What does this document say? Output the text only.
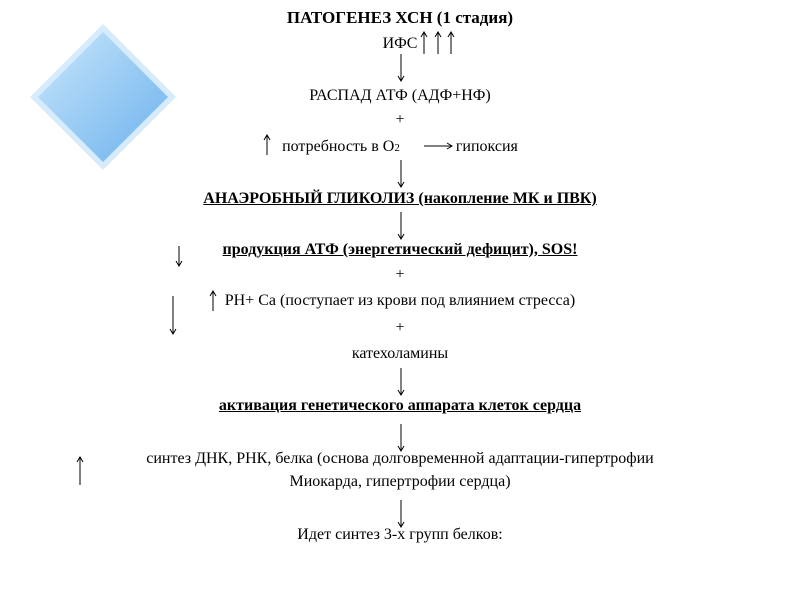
ПАТОГЕНЕЗ ХСН (1 стадия)
ИФС
РАСПАД АТФ (АДФ+НФ)
+
потребность в О2	гипоксия
АНАЭРОБНЫЙ ГЛИКОЛИЗ (накопление МК и ПВК)
продукция АТФ (энергетический дефицит), SOS!
+
РН+ Са (поступает из крови под влиянием стресса)
+
катехоламины
активация генетического аппарата клеток сердца
синтез ДНК, РНК, белка (основа долговременной адаптации-гипертрофии
Миокарда, гипертрофии сердца)
Идет синтез 3-х групп белков:
